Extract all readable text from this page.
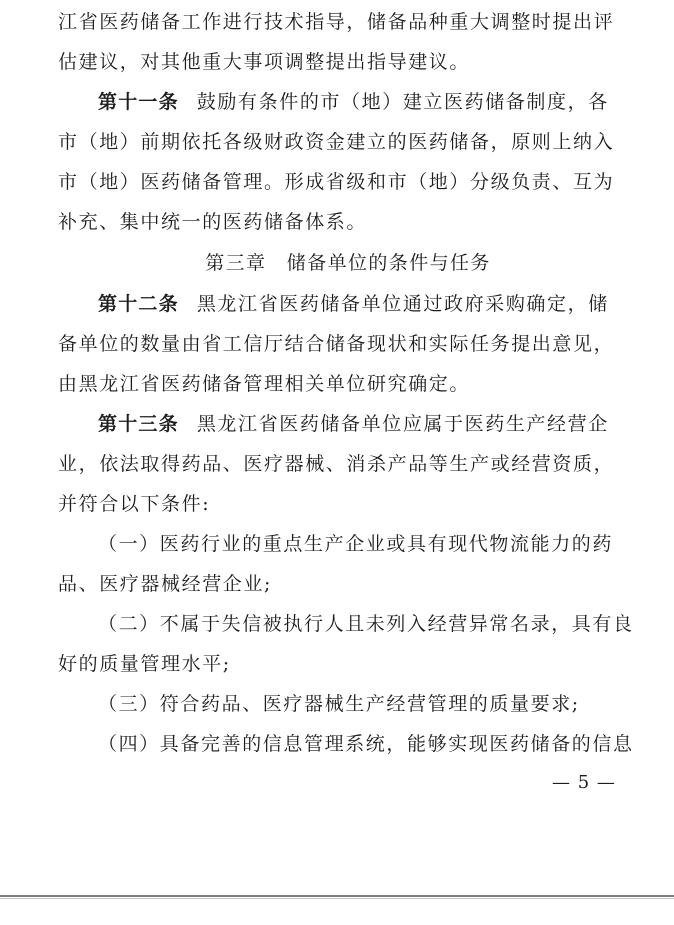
江省医药储备工作进行技术指导，储备品种重大调整时提出评
估建议，对其他重大事项调整提出指导建议。
第十一条 鼓励有条件的市（地）建立医药储备制度，各
市（地）前期依托各级财政资金建立的医药储备，原则上纳入
市（地）医药储备管理。形成省级和市（地）分级负责、互为
补充、集中统一的医药储备体系。
第三章　储备单位的条件与任务
第十二条 黑龙江省医药储备单位通过政府采购确定，储
备单位的数量由省工信厅结合储备现状和实际任务提出意见，
由黑龙江省医药储备管理相关单位研究确定。
第十三条 黑龙江省医药储备单位应属于医药生产经营企
业，依法取得药品、医疗器械、消杀产品等生产或经营资质，
并符合以下条件:
（一）医药行业的重点生产企业或具有现代物流能力的药
品、医疗器械经营企业;
（二）不属于失信被执行人且未列入经营异常名录，具有良
好的质量管理水平;
（三）符合药品、医疗器械生产经营管理的质量要求;
（四）具备完善的信息管理系统，能够实现医药储备的信息
— 5 —
